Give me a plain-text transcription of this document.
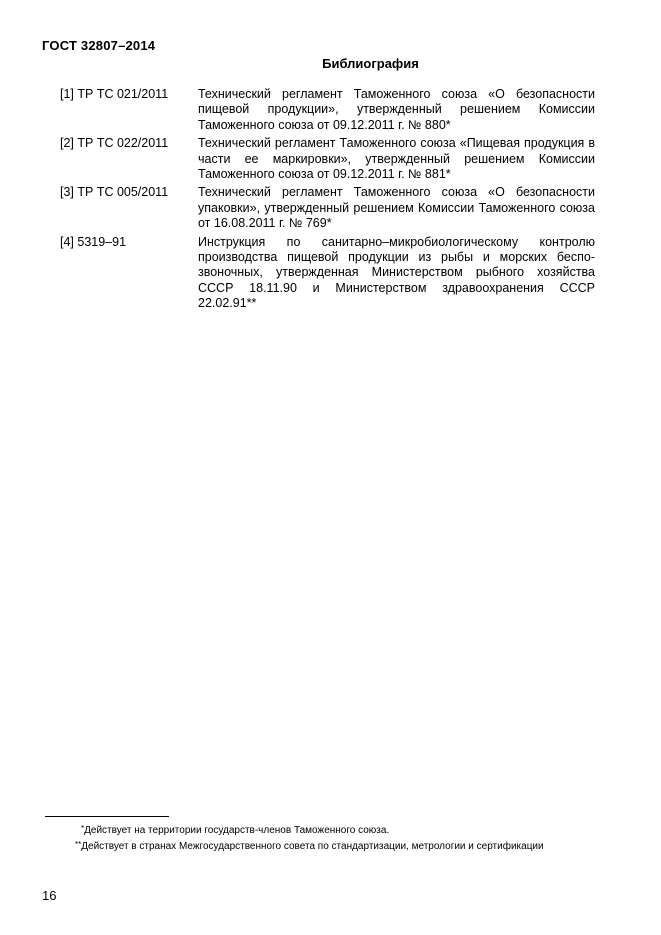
ГОСТ 32807–2014
Библиография
[1] ТР ТС 021/2011	Технический регламент Таможенного союза «О безопасности пищевой продукции», утвержденный решением Комиссии Таможенного союза от 09.12.2011 г. № 880*
[2] ТР ТС 022/2011	Технический регламент Таможенного союза «Пищевая продукция в части ее маркировки», утвержденный решением Комиссии Таможенного союза от 09.12.2011 г. № 881*
[3] ТР ТС 005/2011	Технический регламент Таможенного союза «О безопасности упаковки», утвержденный решением Комиссии Таможенного союза от 16.08.2011 г. № 769*
[4] 5319–91	Инструкция по санитарно–микробиологическому контролю производства пищевой продукции из рыбы и морских беспозвоночных, утвержденная Министерством рыбного хозяйства СССР 18.11.90 и Министерством здравоохранения СССР 22.02.91**
*Действует на территории государств-членов Таможенного союза.
**Действует в странах Межгосударственного совета по стандартизации, метрологии и сертификации
16
